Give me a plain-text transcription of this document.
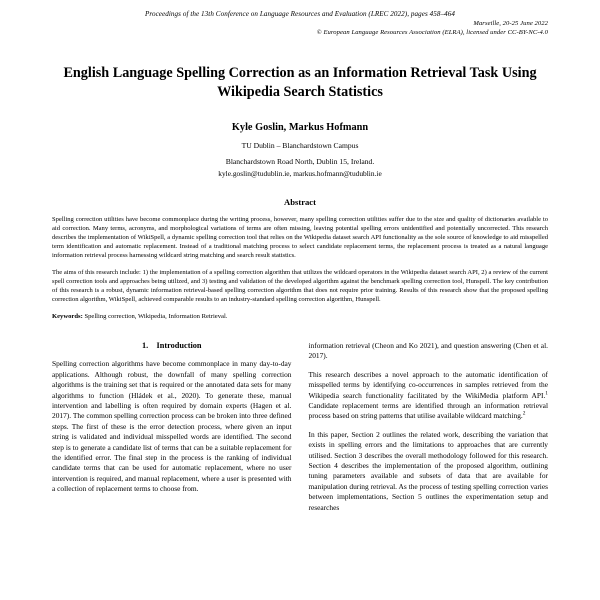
Proceedings of the 13th Conference on Language Resources and Evaluation (LREC 2022), pages 458–464
Marseille, 20-25 June 2022
© European Language Resources Association (ELRA), licensed under CC-BY-NC-4.0
English Language Spelling Correction as an Information Retrieval Task Using Wikipedia Search Statistics
Kyle Goslin, Markus Hofmann
TU Dublin – Blanchardstown Campus
Blanchardstown Road North, Dublin 15, Ireland.
kyle.goslin@tudublin.ie, markus.hofmann@tudublin.ie
Abstract

Spelling correction utilities have become commonplace during the writing process, however, many spelling correction utilities suffer due to the size and quality of dictionaries available to aid correction. Many terms, acronyms, and morphological variations of terms are often missing, leaving potential spelling errors unidentified and potentially uncorrected. This research describes the implementation of WikiSpell, a dynamic spelling correction tool that relies on the Wikipedia dataset search API functionality as the sole source of knowledge to aid misspelled term identification and automatic replacement. Instead of a traditional matching process to select candidate replacement terms, the replacement process is treated as a natural language information retrieval process harnessing wildcard string matching and search result statistics.

The aims of this research include: 1) the implementation of a spelling correction algorithm that utilizes the wildcard operators in the Wikipedia dataset search API, 2) a review of the current spell correction tools and approaches being utilized, and 3) testing and validation of the developed algorithm against the benchmark spelling correction tool, Hunspell. The key contribution of this research is a robust, dynamic information retrieval-based spelling correction algorithm that does not require prior training. Results of this research show that the proposed spelling correction algorithm, WikiSpell, achieved comparable results to an industry-standard spelling correction algorithm, Hunspell.

Keywords: Spelling correction, Wikipedia, Information Retrieval.
1. Introduction

Spelling correction algorithms have become commonplace in many day-to-day applications. Although robust, the downfall of many spelling correction algorithms is the training set that is required or the annotated data sets for many algorithms to function (Hládek et al., 2020). To generate these, manual intervention and labelling is often required by domain experts (Hagen et al. 2017). The common spelling correction process can be broken into three defined steps. The first of these is the error detection process, where given an input string is validated and individual misspelled words are identified. The second step is to generate a candidate list of terms that can be a suitable replacement for the identified error. The final step in the process is the ranking of individual candidate terms that can be used for automatic replacement, where no user intervention is required, and manual replacement, where a user is presented with a collection of replacement terms to choose from.

information retrieval (Cheon and Ko 2021), and question answering (Chen et al. 2017).

This research describes a novel approach to the automatic identification of misspelled terms by identifying co-occurrences in samples retrieved from the Wikipedia search functionality facilitated by the WikiMedia platform API.$^1$ Candidate replacement terms are identified through an information retrieval process based on string patterns that utilise available wildcard matching.$^2$

In this paper, Section 2 outlines the related work, describing the variation that exists in spelling errors and the limitations to approaches that are currently utilised. Section 3 describes the overall methodology followed for this research. Section 4 describes the implementation of the proposed algorithm, outlining tuning parameters available and subsets of data that are available for manipulation during retrieval. As the process of testing spelling correction varies between implementations, Section 5 outlines the experimentation setup and researches
